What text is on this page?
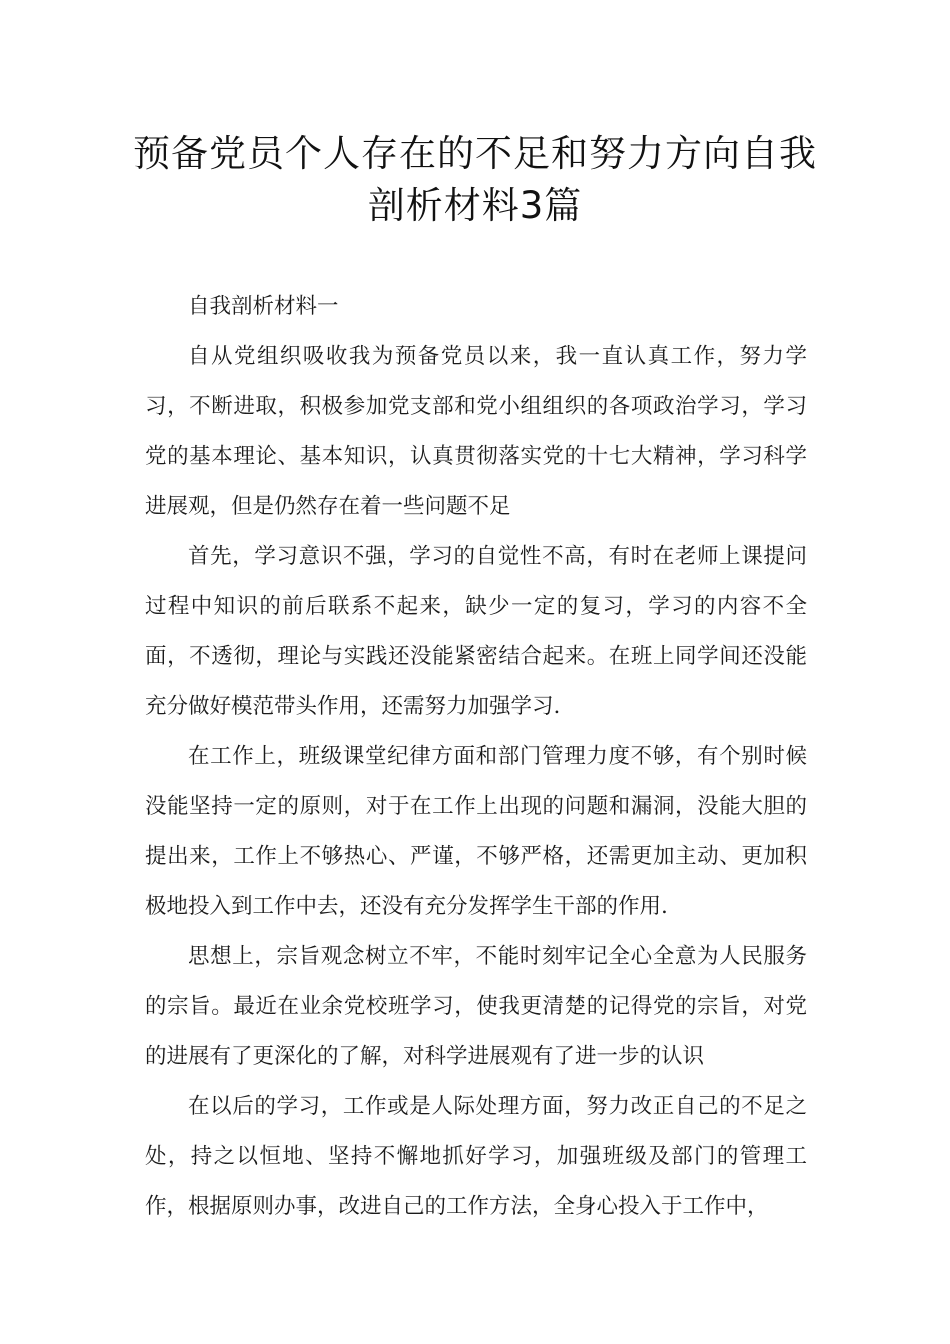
预备党员个人存在的不足和努力方向自我剖析材料3篇

自我剖析材料一

自从党组织吸收我为预备党员以来，我一直认真工作，努力学习，不断进取，积极参加党支部和党小组组织的各项政治学习，学习党的基本理论、基本知识，认真贯彻落实党的十七大精神，学习科学进展观，但是仍然存在着一些问题不足

首先，学习意识不强，学习的自觉性不高，有时在老师上课提问过程中知识的前后联系不起来，缺少一定的复习，学习的内容不全面，不透彻，理论与实践还没能紧密结合起来。在班上同学间还没能充分做好模范带头作用，还需努力加强学习.

在工作上，班级课堂纪律方面和部门管理力度不够，有个别时候没能坚持一定的原则，对于在工作上出现的问题和漏洞，没能大胆的提出来，工作上不够热心、严谨，不够严格，还需更加主动、更加积极地投入到工作中去，还没有充分发挥学生干部的作用.

思想上，宗旨观念树立不牢，不能时刻牢记全心全意为人民服务的宗旨。最近在业余党校班学习，使我更清楚的记得党的宗旨，对党的进展有了更深化的了解，对科学进展观有了进一步的认识

在以后的学习，工作或是人际处理方面，努力改正自己的不足之处，持之以恒地、坚持不懈地抓好学习，加强班级及部门的管理工作，根据原则办事，改进自己的工作方法，全身心投入于工作中，
